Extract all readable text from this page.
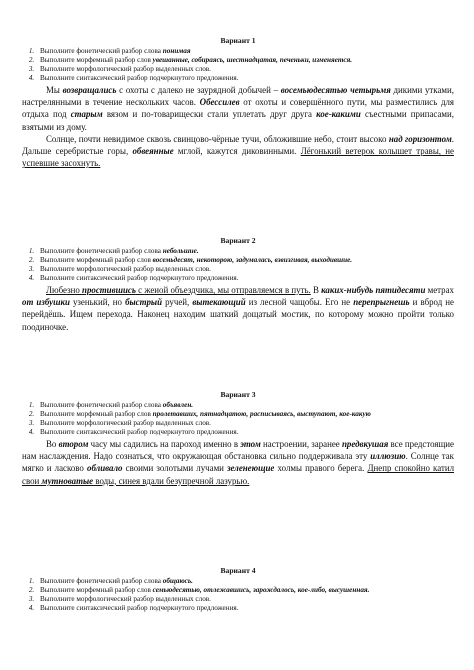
Вариант 1
1. Выполните фонетический разбор слова понимая
2. Выполните морфемный разбор слов увешанные, собираясь, шестнадцатая, печеньки, изменяется.
3. Выполните морфологический разбор выделенных слов.
4. Выполните синтаксический разбор подчеркнутого предложения.

Мы возвращались с охоты с далеко не заурядной добычей – восемьюдесятью четырьмя дикими утками, настрелянными в течение нескольких часов. Обессилев от охоты и совершённого пути, мы разместились для отдыха под старым вязом и по-товарищески стали уплетать друг друга кое-какими съестными припасами, взятыми из дому.

Солнце, почти невидимое сквозь свинцово-чёрные тучи, обложившие небо, стоит высоко над горизонтом. Дальше серебристые горы, обвеянные мглой, кажутся диковинными. Лёгонький ветерок колышет травы, не успевшие засохнуть.

Вариант 2
1. Выполните фонетический разбор слова небольшие.
2. Выполните морфемный разбор слов восемьдесят, некоторою, задумалась, взвизгивая, выходившие.
3. Выполните морфологический разбор выделенных слов.
4. Выполните синтаксический разбор подчеркнутого предложения.

Любезно простившись с жеиой объездчика, мы отправляемся в путь. В каких-нибудь пятидесяти метрах от избушки узенький, но быстрый ручей, вытекающий из лесной чащобы. Его не перепрыгнешь и вброд не перейдёшь. Ищем перехода. Наконец находим шаткий дощатый мостик, по которому можно пройти только поодиночке.

Вариант 3
1. Выполните фонетический разбор слова объявлен.
2. Выполните морфемный разбор слов пролетавших, пятнадцатою, расписываясь, выступают, кое-какую
3. Выполните морфологический разбор выделенных слов.
4. Выполните синтаксический разбор подчеркнутого предложения.

Во втором часу мы садились на пароход именно в этом настроении, заранее предвкушая все предстоящие нам наслаждения. Надо сознаться, что окружающая обстановка сильно поддерживала эту иллюзию. Солнце так мягко и ласково обливало своими золотыми лучами зеленеющие холмы правого берега. Днепр спокойно катил свои мутноватые воды, синея вдали безупречной лазурью.

Вариант 4
1. Выполните фонетический разбор слова общаюсь.
2. Выполните морфемный разбор слов семьюдесятью, отлежавшись, зарождалось, кое-либо, высушенная.
3. Выполните морфологический разбор выделенных слов.
4. Выполните синтаксический разбор подчеркнутого предложения.
